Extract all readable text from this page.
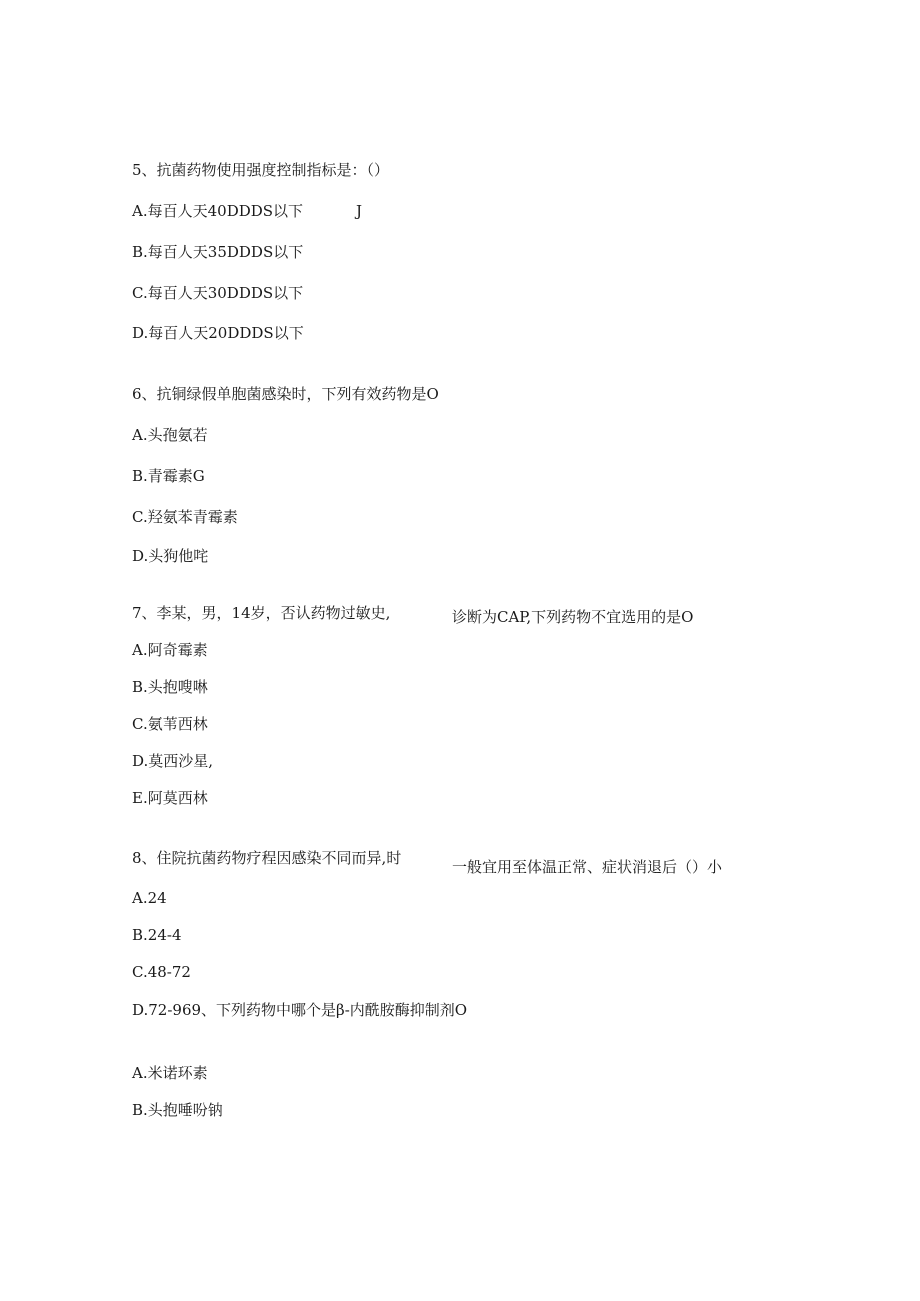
5、抗菌药物使用强度控制指标是：（）

A.每百人天40DDDS以下	J

B.每百人天35DDDS以下

C.每百人天30DDDS以下

D.每百人天20DDDS以下

6、抗铜绿假单胞菌感染时，下列有效药物是O

A.头孢氨若

B.青霉素G

C.羟氨苯青霉素

D.头狗他咤

7、李某，男，14岁，否认药物过敏史,	诊断为CAP,下列药物不宜选用的是O

A.阿奇霉素

B.头抱嗖啉

C.氨苇西林

D.莫西沙星,

E.阿莫西林

8、住院抗菌药物疗程因感染不同而异,时	一般宜用至体温正常、症状消退后（）小

A.24

B.24-4

C.48-72

D.72-969、下列药物中哪个是β-内酰胺酶抑制剂O

A.米诺环素

B.头抱唾吩钠
